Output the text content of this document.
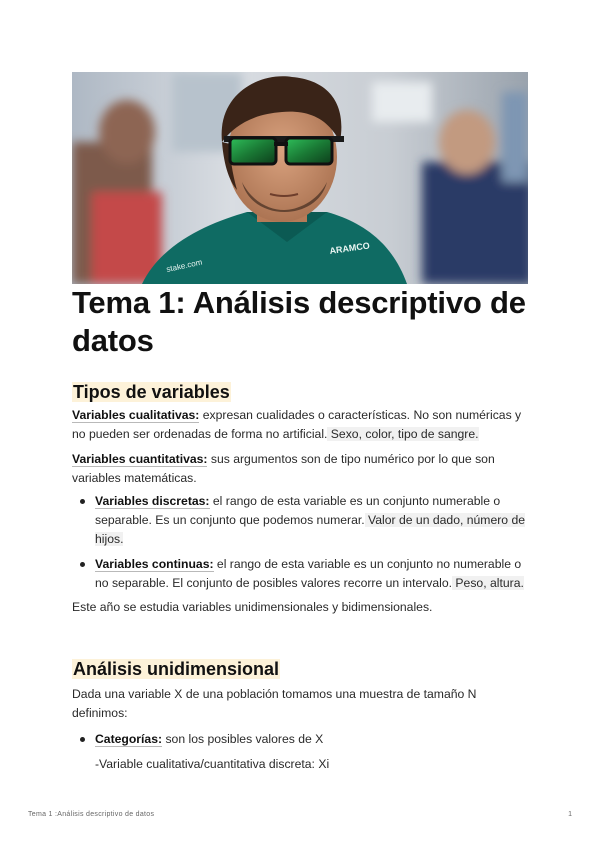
ARAMCO
stake.com
Tema 1: Análisis descriptivo de datos
Tipos de variables

Variables cualitativas: expresan cualidades o características. No son numéricas y no pueden ser ordenadas de forma no artificial. Sexo, color, tipo de sangre.

Variables cuantitativas: sus argumentos son de tipo numérico por lo que son variables matemáticas.

Variables discretas: el rango de esta variable es un conjunto numerable o separable. Es un conjunto que podemos numerar. Valor de un dado, número de hijos.
Variables continuas: el rango de esta variable es un conjunto no numerable o no separable. El conjunto de posibles valores recorre un intervalo. Peso, altura.

Este año se estudia variables unidimensionales y bidimensionales.

Análisis unidimensional

Dada una variable X de una población tomamos una muestra de tamaño N definimos:

Categorías: son los posibles valores de X

-Variable cualitativa/cuantitativa discreta: Xi

Tema 1 :Análisis descriptivo de datos	1
